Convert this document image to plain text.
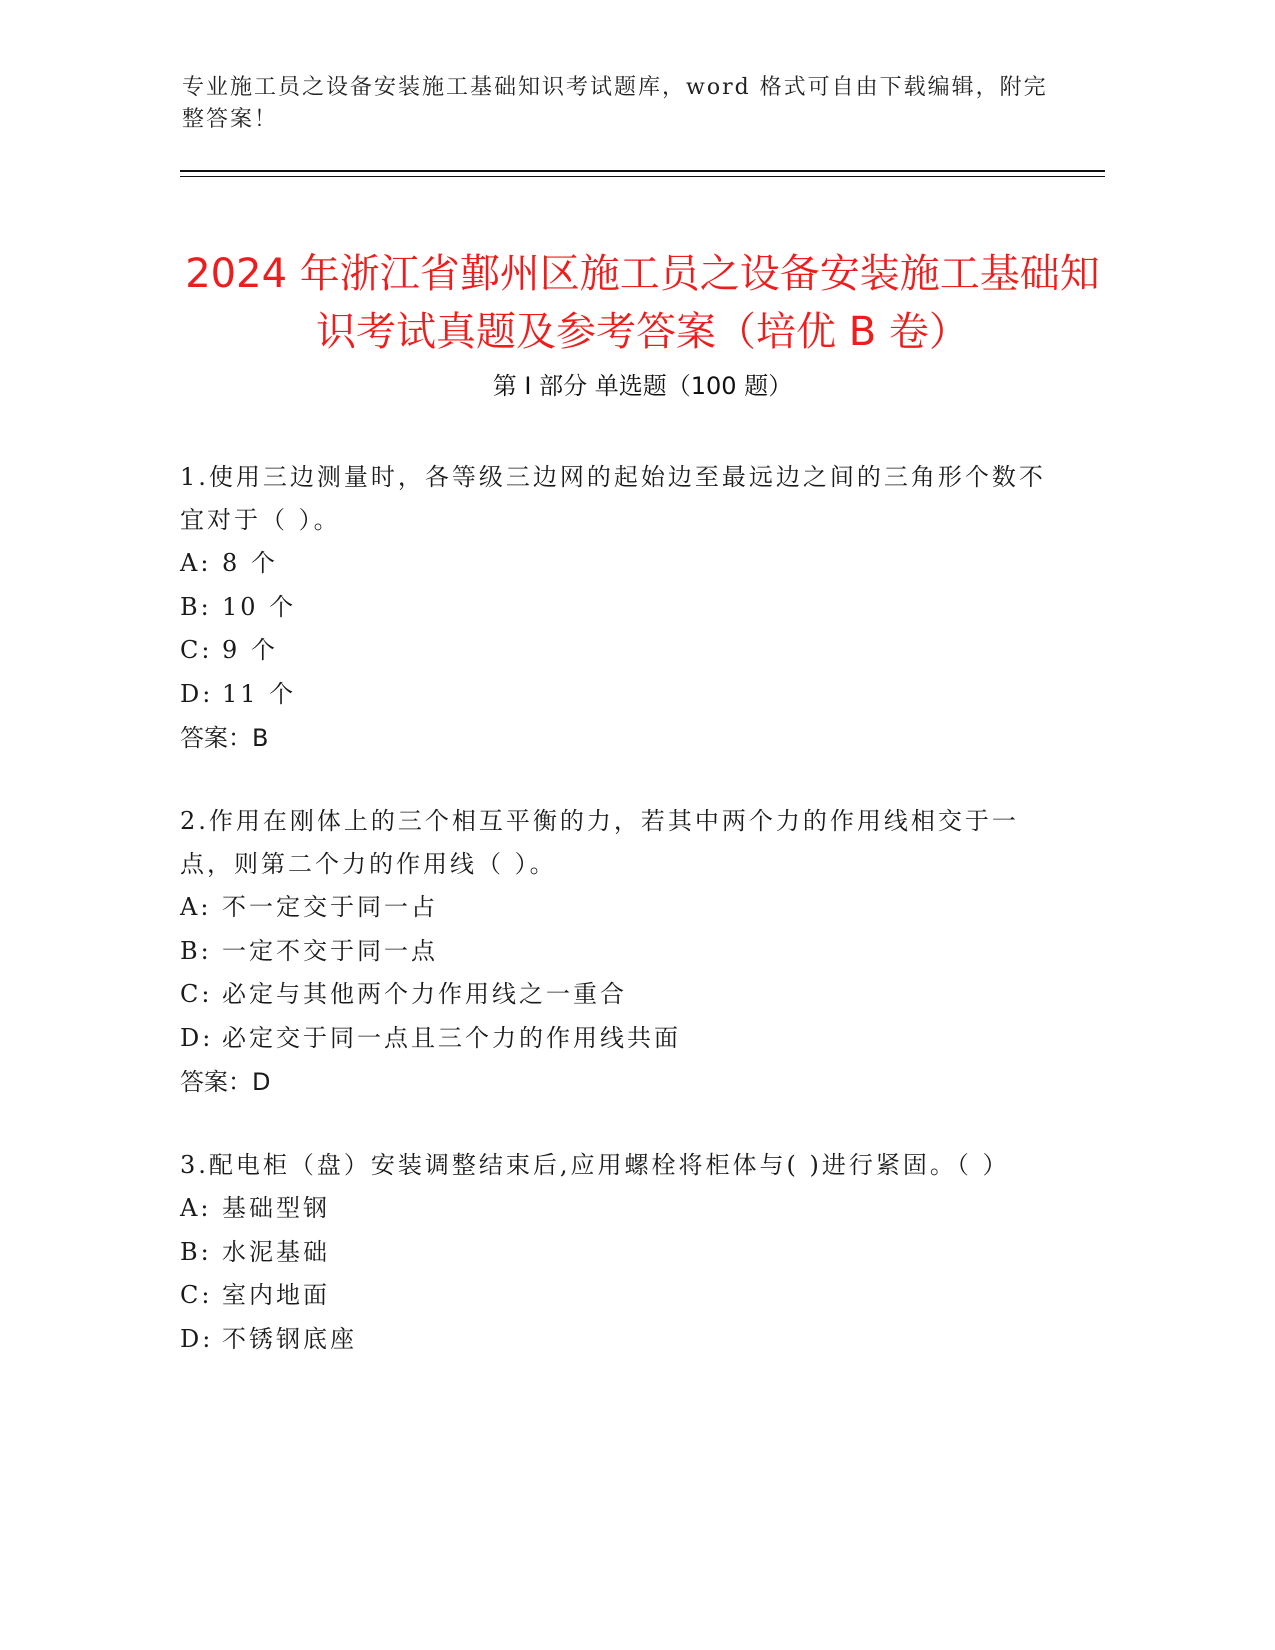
专业施工员之设备安装施工基础知识考试题库，word 格式可自由下载编辑，附完整答案！
2024 年浙江省鄞州区施工员之设备安装施工基础知识考试真题及参考答案（培优 B 卷）
第 I 部分 单选题（100 题）

1.使用三边测量时，各等级三边网的起始边至最远边之间的三角形个数不宜对于（ ）。

A: 8 个

B: 10 个

C: 9 个

D: 11 个

答案：B

2.作用在刚体上的三个相互平衡的力，若其中两个力的作用线相交于一点，则第二个力的作用线（ ）。

A: 不一定交于同一占

B: 一定不交于同一点

C: 必定与其他两个力作用线之一重合

D: 必定交于同一点且三个力的作用线共面

答案：D

3.配电柜（盘）安装调整结束后,应用螺栓将柜体与( )进行紧固。（ ）

A: 基础型钢

B: 水泥基础

C: 室内地面

D: 不锈钢底座
